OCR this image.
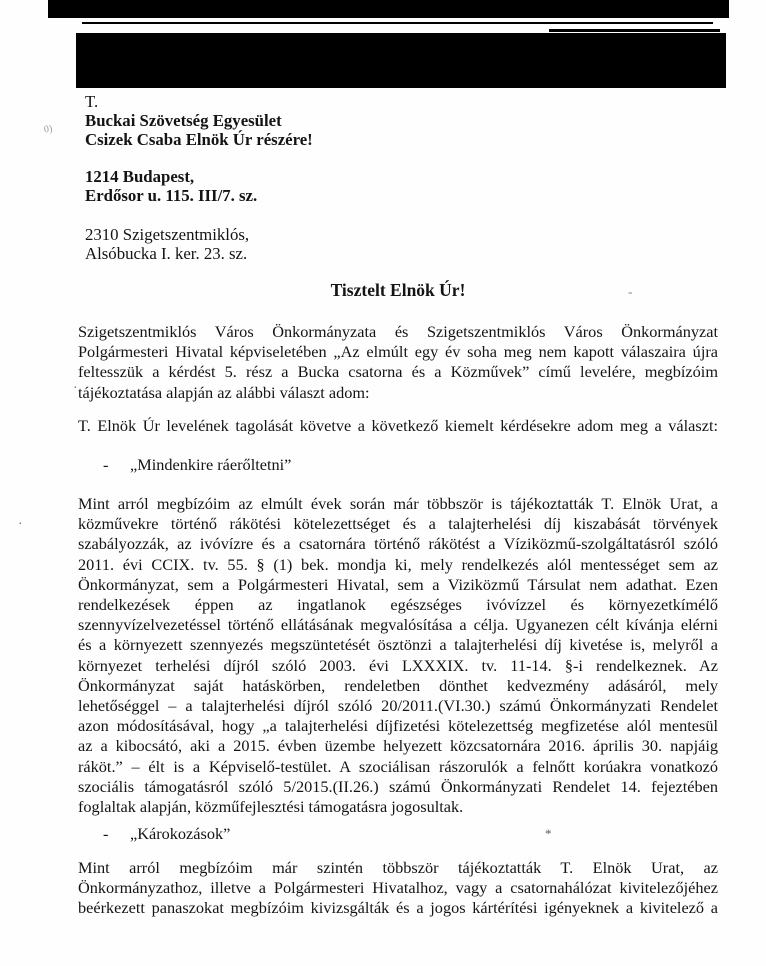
T.
Buckai Szövetség Egyesület
Csizek Csaba Elnök Úr részére!
1214 Budapest,
Erdősor u. 115. III/7. sz.
2310 Szigetszentmiklós,
Alsóbucka I. ker. 23. sz.
Tisztelt Elnök Úr!
Szigetszentmiklós Város Önkormányzata és Szigetszentmiklós Város Önkormányzat
Polgármesteri Hivatal képviseletében „Az elmúlt egy év soha meg nem kapott válaszaira újra
feltesszük a kérdést 5. rész a Bucka csatorna és a Közművek” című levelére, megbízóim
tájékoztatása alapján az alábbi választ adom:
T. Elnök Úr levelének tagolását követve a következő kiemelt kérdésekre adom meg a választ:
- „Mindenkire ráerőltetni”
Mint arról megbízóim az elmúlt évek során már többször is tájékoztatták T. Elnök Urat, a
közművekre történő rákötési kötelezettséget és a talajterhelési díj kiszabását törvények
szabályozzák, az ivóvízre és a csatornára történő rákötést a Víziközmű-szolgáltatásról szóló
2011. évi CCIX. tv. 55. § (1) bek. mondja ki, mely rendelkezés alól mentességet sem az
Önkormányzat, sem a Polgármesteri Hivatal, sem a Viziközmű Társulat nem adathat. Ezen
rendelkezések éppen az ingatlanok egészséges ivóvízzel és környezetkímélő
szennyvízelvezetéssel történő ellátásának megvalósítása a célja. Ugyanezen célt kívánja elérni
és a környezett szennyezés megszüntetését ösztönzi a talajterhelési díj kivetése is, melyről a
környezet terhelési díjról szóló 2003. évi LXXXIX. tv. 11-14. §-i rendelkeznek. Az
Önkormányzat saját hatáskörben, rendeletben dönthet kedvezmény adásáról, mely
lehetőséggel – a talajterhelési díjról szóló 20/2011.(VI.30.) számú Önkormányzati Rendelet
azon módosításával, hogy „a talajterhelési díjfizetési kötelezettség megfizetése alól mentesül
az a kibocsátó, aki a 2015. évben üzembe helyezett közcsatornára 2016. április 30. napjáig
ráköt.” – élt is a Képviselő-testület. A szociálisan rászorulók a felnőtt korúakra vonatkozó
szociális támogatásról szóló 5/2015.(II.26.) számú Önkormányzati Rendelet 14. fejeztében
foglaltak alapján, közműfejlesztési támogatásra jogosultak.
- „Károkozások”
Mint arról megbízóim már szintén többször tájékoztatták T. Elnök Urat, az
Önkormányzathoz, illetve a Polgármesteri Hivatalhoz, vagy a csatornahálózat kivitelezőjéhez
beérkezett panaszokat megbízóim kivizsgálták és a jogos kártérítési igényeknek a kivitelező a
0)
·
·
*
-
